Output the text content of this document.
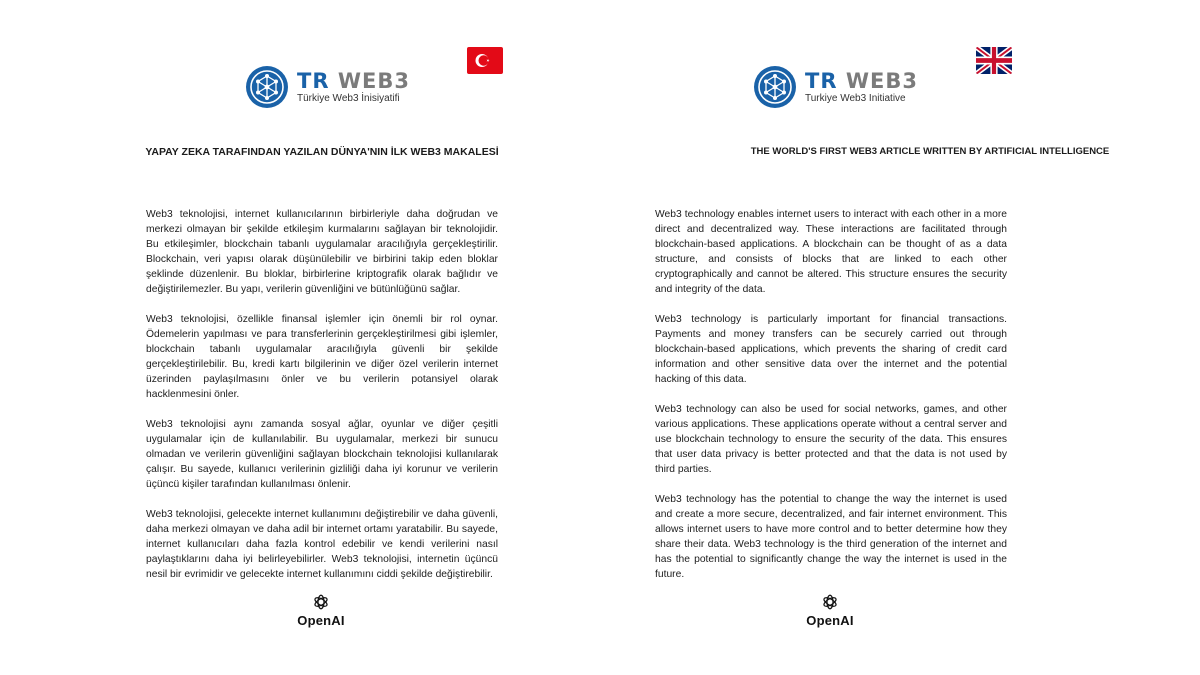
TR WEB3
Türkiye Web3 İnisiyatifi
YAPAY ZEKA TARAFINDAN YAZILAN DÜNYA'NIN İLK WEB3 MAKALESİ

Web3 teknolojisi, internet kullanıcılarının birbirleriyle daha doğrudan ve merkezi olmayan bir şekilde etkileşim kurmalarını sağlayan bir teknolojidir. Bu etkileşimler, blockchain tabanlı uygulamalar aracılığıyla gerçekleştirilir. Blockchain, veri yapısı olarak düşünülebilir ve birbirini takip eden bloklar şeklinde düzenlenir. Bu bloklar, birbirlerine kriptografik olarak bağlıdır ve değiştirilemezler. Bu yapı, verilerin güvenliğini ve bütünlüğünü sağlar.

Web3 teknolojisi, özellikle finansal işlemler için önemli bir rol oynar. Ödemelerin yapılması ve para transferlerinin gerçekleştirilmesi gibi işlemler, blockchain tabanlı uygulamalar aracılığıyla güvenli bir şekilde gerçekleştirilebilir. Bu, kredi kartı bilgilerinin ve diğer özel verilerin internet üzerinden paylaşılmasını önler ve bu verilerin potansiyel olarak hacklenmesini önler.

Web3 teknolojisi aynı zamanda sosyal ağlar, oyunlar ve diğer çeşitli uygulamalar için de kullanılabilir. Bu uygulamalar, merkezi bir sunucu olmadan ve verilerin güvenliğini sağlayan blockchain teknolojisi kullanılarak çalışır. Bu sayede, kullanıcı verilerinin gizliliği daha iyi korunur ve verilerin üçüncü kişiler tarafından kullanılması önlenir.

Web3 teknolojisi, gelecekte internet kullanımını değiştirebilir ve daha güvenli, daha merkezi olmayan ve daha adil bir internet ortamı yaratabilir. Bu sayede, internet kullanıcıları daha fazla kontrol edebilir ve kendi verilerini nasıl paylaştıklarını daha iyi belirleyebilirler. Web3 teknolojisi, internetin üçüncü nesil bir evrimidir ve gelecekte internet kullanımını ciddi şekilde değiştirebilir.

OpenAI
TR WEB3
Turkiye Web3 Initiative
THE WORLD'S FIRST WEB3 ARTICLE WRITTEN BY ARTIFICIAL INTELLIGENCE

Web3 technology enables internet users to interact with each other in a more direct and decentralized way. These interactions are facilitated through blockchain-based applications. A blockchain can be thought of as a data structure, and consists of blocks that are linked to each other cryptographically and cannot be altered. This structure ensures the security and integrity of the data.

Web3 technology is particularly important for financial transactions. Payments and money transfers can be securely carried out through blockchain-based applications, which prevents the sharing of credit card information and other sensitive data over the internet and the potential hacking of this data.

Web3 technology can also be used for social networks, games, and other various applications. These applications operate without a central server and use blockchain technology to ensure the security of the data. This ensures that user data privacy is better protected and that the data is not used by third parties.

Web3 technology has the potential to change the way the internet is used and create a more secure, decentralized, and fair internet environment. This allows internet users to have more control and to better determine how they share their data. Web3 technology is the third generation of the internet and has the potential to significantly change the way the internet is used in the future.

OpenAI
